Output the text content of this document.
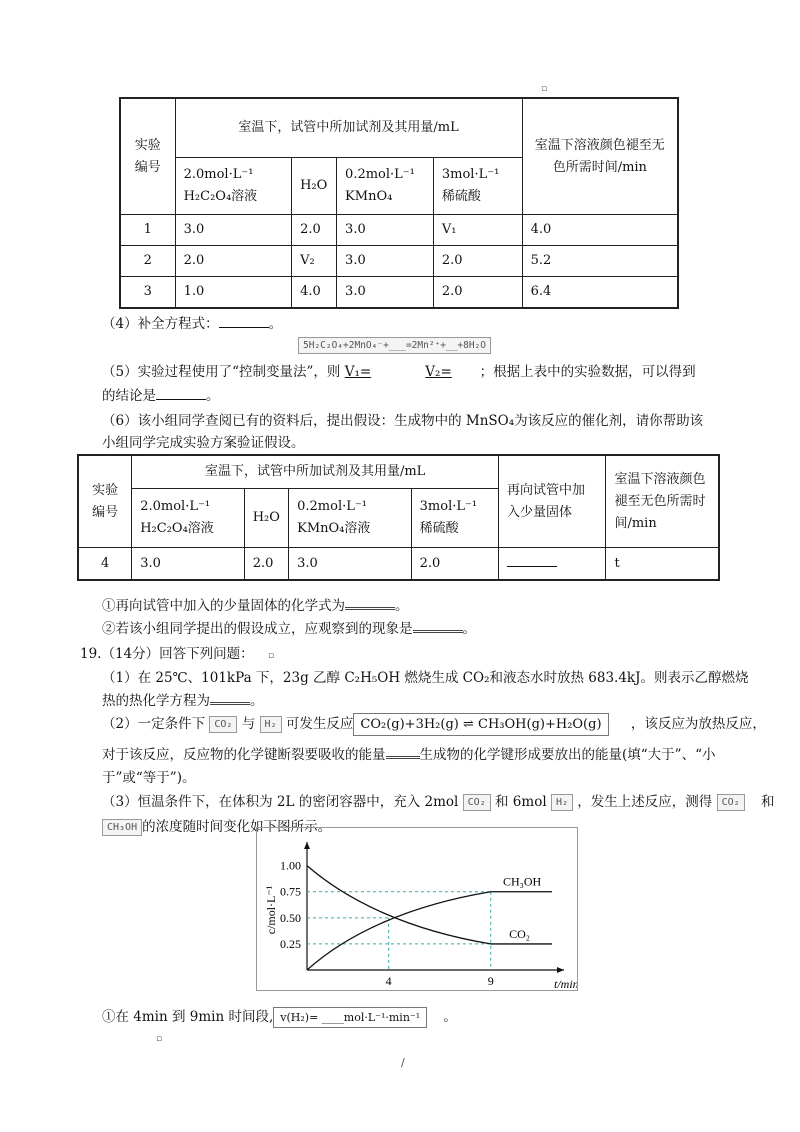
▫
实验编号	室温下，试管中所加试剂及其用量/mL				室温下溶液颜色褪至无色所需时间/min
	2.0mol·L⁻¹ H₂C₂O₄溶液	H₂O	0.2mol·L⁻¹ KMnO₄	3mol·L⁻¹ 稀硫酸	
1	3.0	2.0	3.0	V₁	4.0
2	2.0	V₂	3.0	2.0	5.2
3	1.0	4.0	3.0	2.0	6.4
（4）补全方程式：	。
5H₂C₂O₄+2MnO₄⁻+___=2Mn²⁺+__+8H₂O
（5）实验过程使用了“控制变量法”，则 V₁=	V₂= ；根据上表中的实验数据，可以得到
的结论是	。
（6）该小组同学查阅已有的资料后，提出假设：生成物中的 MnSO₄为该反应的催化剂，请你帮助该
小组同学完成实验方案验证假设。
实验编号	室温下，试管中所加试剂及其用量/mL				再向试管中加入少量固体	室温下溶液颜色褪至无色所需时间/min
	2.0mol·L⁻¹ H₂C₂O₄溶液	H₂O	0.2mol·L⁻¹ KMnO₄溶液	3mol·L⁻¹ 稀硫酸		
4	3.0	2.0	3.0	2.0		t
①再向试管中加入的少量固体的化学式为	。
②若该小组同学提出的假设成立，应观察到的现象是	。
19.（14分）回答下列问题： ▫
（1）在 25℃、101kPa 下，23g 乙醇 C₂H₅OH 燃烧生成 CO₂和液态水时放热 683.4kJ。则表示乙醇燃烧
热的热化学方程为	。
（2）一定条件下 CO₂ 与 H₂ 可发生反应 CO₂(g)+3H₂(g) ⇌ CH₃OH(g)+H₂O(g) ，该反应为放热反应，
对于该反应，反应物的化学键断裂要吸收的能量	生成物的化学键形成要放出的能量(填“大于”、“小
于”或“等于”)。
（3）恒温条件下，在体积为 2L 的密闭容器中，充入 2mol CO₂ 和 6mol H₂ ，发生上述反应，测得 CO₂ 和
CH₃OH 的浓度随时间变化如下图所示。
1.00
0.75
0.50
0.25
4	9	t/min
c/mol·L⁻¹
CH₃OH
CO₂
①在 4min 到 9min 时间段, v(H₂)= ____mol·L⁻¹·min⁻¹ 。
▫
/
